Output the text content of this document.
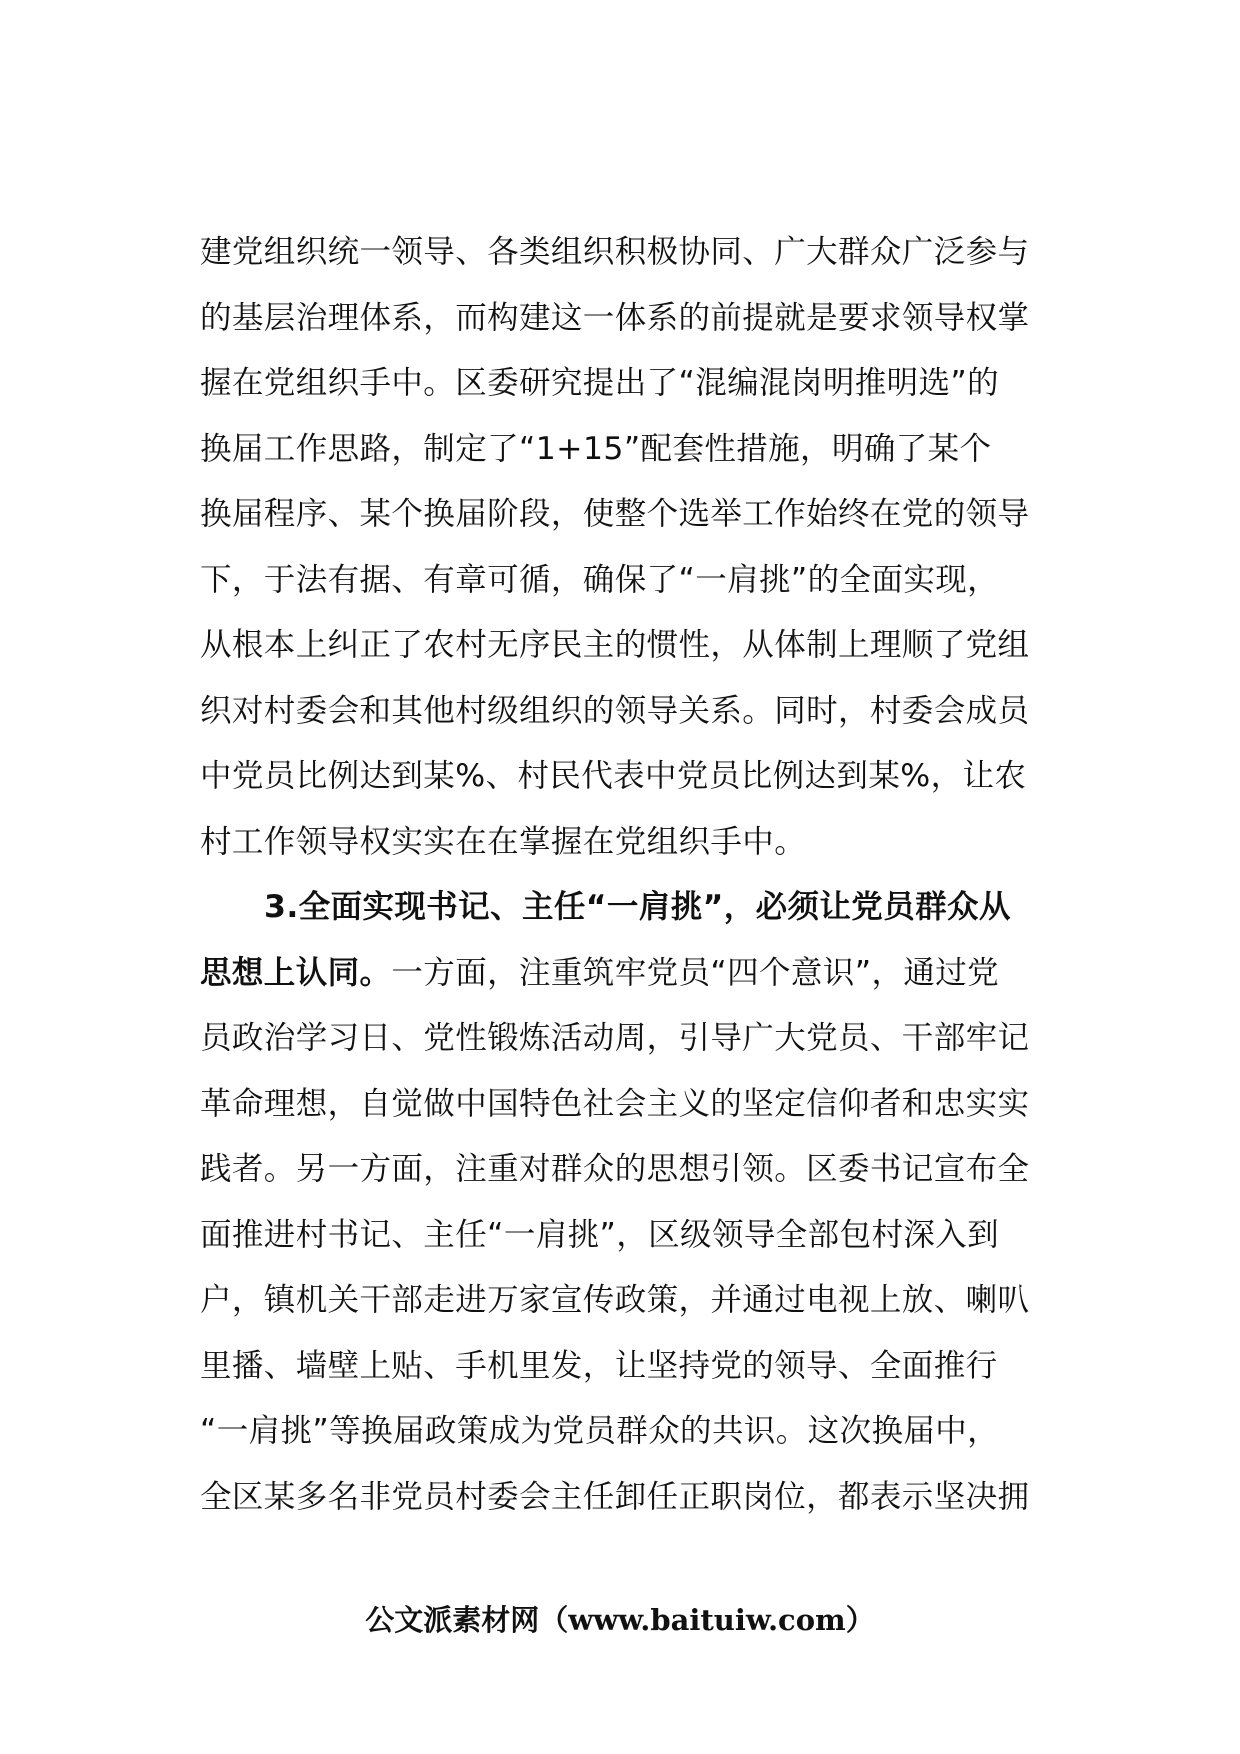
建党组织统一领导、各类组织积极协同、广大群众广泛参与
的基层治理体系，而构建这一体系的前提就是要求领导权掌
握在党组织手中。区委研究提出了“混编混岗明推明选”的
换届工作思路，制定了“1+15”配套性措施，明确了某个
换届程序、某个换届阶段，使整个选举工作始终在党的领导
下，于法有据、有章可循，确保了“一肩挑”的全面实现，
从根本上纠正了农村无序民主的惯性，从体制上理顺了党组
织对村委会和其他村级组织的领导关系。同时，村委会成员
中党员比例达到某%、村民代表中党员比例达到某%，让农
村工作领导权实实在在掌握在党组织手中。
3.全面实现书记、主任“一肩挑”，必须让党员群众从
思想上认同。一方面，注重筑牢党员“四个意识”，通过党
员政治学习日、党性锻炼活动周，引导广大党员、干部牢记
革命理想，自觉做中国特色社会主义的坚定信仰者和忠实实
践者。另一方面，注重对群众的思想引领。区委书记宣布全
面推进村书记、主任“一肩挑”，区级领导全部包村深入到
户，镇机关干部走进万家宣传政策，并通过电视上放、喇叭
里播、墙壁上贴、手机里发，让坚持党的领导、全面推行
“一肩挑”等换届政策成为党员群众的共识。这次换届中，
全区某多名非党员村委会主任卸任正职岗位，都表示坚决拥
公文派素材网（www.baituiw.com）
